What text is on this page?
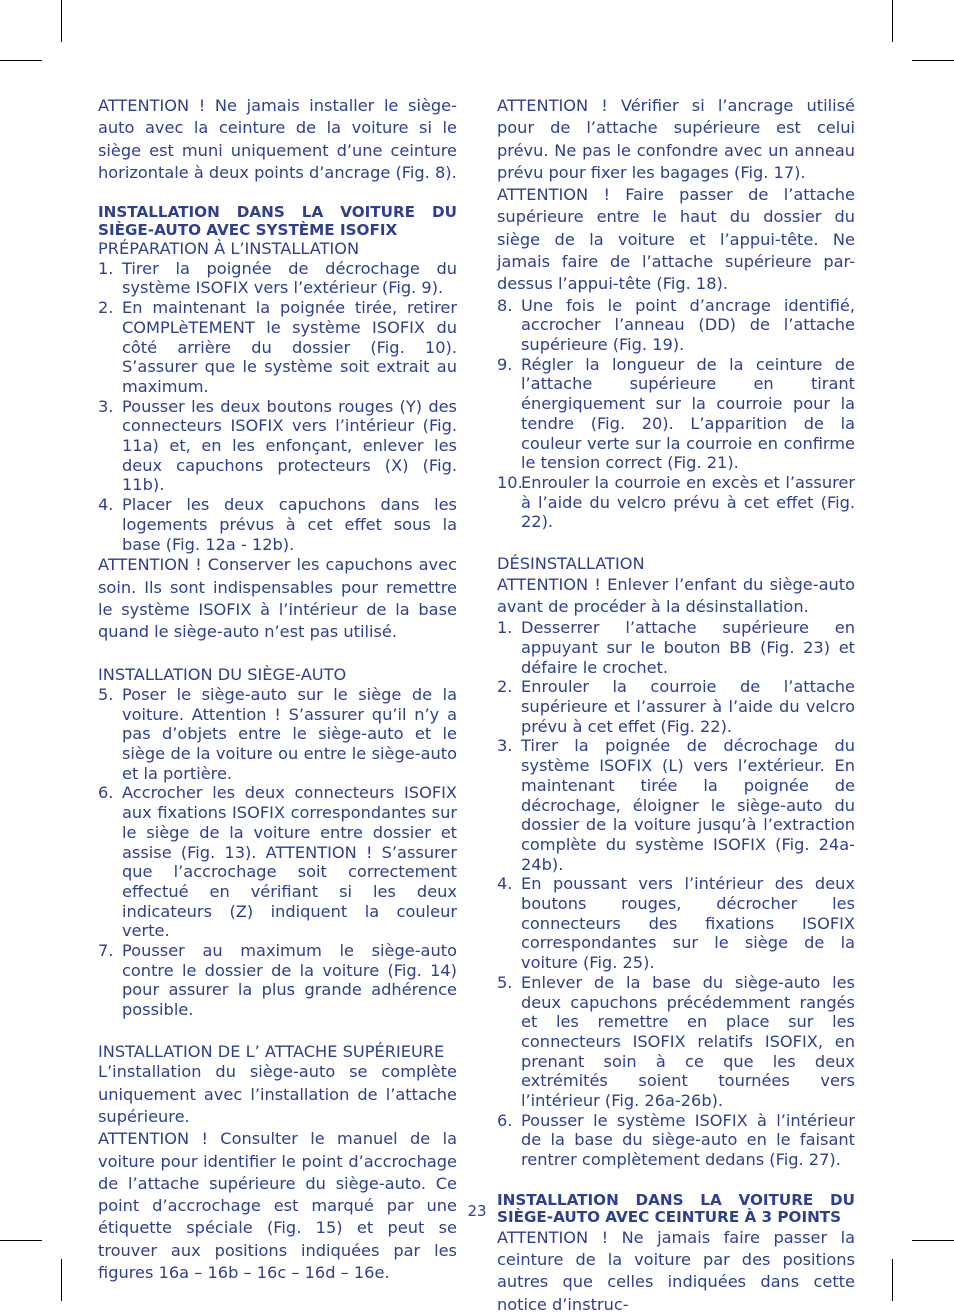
ATTENTION ! Ne jamais installer le siège-auto avec la ceinture de la voiture si le siège est muni uniquement d’une ceinture horizontale à deux points d’ancrage (Fig. 8).

INSTALLATION DANS LA VOITURE DU SIÈGE-AUTO AVEC SYSTÈME ISOFIX

PRÉPARATION À L’INSTALLATION

1. Tirer la poignée de décrochage du système ISOFIX vers l’extérieur (Fig. 9).
2. En maintenant la poignée tirée, retirer COMPLèTEMENT le système ISOFIX du côté arrière du dossier (Fig. 10). S’assurer que le système soit extrait au maximum.
3. Pousser les deux boutons rouges (Y) des connecteurs ISOFIX vers l’intérieur (Fig. 11a) et, en les enfonçant, enlever les deux capuchons protecteurs (X) (Fig. 11b).
4. Placer les deux capuchons dans les logements prévus à cet effet sous la base (Fig. 12a - 12b).

ATTENTION ! Conserver les capuchons avec soin. Ils sont indispensables pour remettre le système ISOFIX à l’intérieur de la base quand le siège-auto n’est pas utilisé.

INSTALLATION DU SIÈGE-AUTO

5. Poser le siège-auto sur le siège de la voiture. Attention ! S’assurer qu’il n’y a pas d’objets entre le siège-auto et le siège de la voiture ou entre le siège-auto et la portière.
6. Accrocher les deux connecteurs ISOFIX aux fixations ISOFIX correspondantes sur le siège de la voiture entre dossier et assise (Fig. 13). ATTENTION ! S’assurer que l’accrochage soit correctement effectué en vérifiant si les deux indicateurs (Z) indiquent la couleur verte.
7. Pousser au maximum le siège-auto contre le dossier de la voiture (Fig. 14) pour assurer la plus grande adhérence possible.

INSTALLATION DE L’ ATTACHE SUPÉRIEURE

L’installation du siège-auto se complète uniquement avec l’installation de l’attache supérieure.

ATTENTION ! Consulter le manuel de la voiture pour identifier le point d’accrochage de l’attache supérieure du siège-auto. Ce point d’accrochage est marqué par une étiquette spéciale (Fig. 15) et peut se trouver aux positions indiquées par les figures 16a – 16b – 16c – 16d – 16e.

ATTENTION ! Vérifier si l’ancrage utilisé pour de l’attache supérieure est celui prévu. Ne pas le confondre avec un anneau prévu pour fixer les bagages (Fig. 17).

ATTENTION ! Faire passer de l’attache supérieure entre le haut du dossier du siège de la voiture et l’appui-tête. Ne jamais faire de l’attache supérieure par-dessus l’appui-tête (Fig. 18).

8. Une fois le point d’ancrage identifié, accrocher l’anneau (DD) de l’attache supérieure (Fig. 19).
9. Régler la longueur de la ceinture de l’attache supérieure en tirant énergiquement sur la courroie pour la tendre (Fig. 20). L’apparition de la couleur verte sur la courroie en confirme le tension correct (Fig. 21).
10.
Enrouler la courroie en excès et l’assurer à l’aide du velcro prévu à cet effet (Fig. 22).

DÉSINSTALLATION

ATTENTION ! Enlever l’enfant du siège-auto avant de procéder à la désinstallation.

1. Desserrer l’attache supérieure en appuyant sur le bouton BB (Fig. 23) et défaire le crochet.
2. Enrouler la courroie de l’attache supérieure et l’assurer à l’aide du velcro prévu à cet effet (Fig. 22).
3. Tirer la poignée de décrochage du système ISOFIX (L) vers l’extérieur. En maintenant tirée la poignée de décrochage, éloigner le siège-auto du dossier de la voiture jusqu’à l’extraction complète du système ISOFIX (Fig. 24a-24b).
4. En poussant vers l’intérieur des deux boutons rouges, décrocher les connecteurs des fixations ISOFIX correspondantes sur le siège de la voiture (Fig. 25).
5. Enlever de la base du siège-auto les deux capuchons précédemment rangés et les remettre en place sur les connecteurs ISOFIX relatifs ISOFIX, en prenant soin à ce que les deux extrémités soient tournées vers l’intérieur (Fig. 26a-26b).
6. Pousser le système ISOFIX à l’intérieur de la base du siège-auto en le faisant rentrer complètement dedans (Fig. 27).

INSTALLATION DANS LA VOITURE DU SIÈGE-AUTO AVEC CEINTURE À 3 POINTS

ATTENTION ! Ne jamais faire passer la ceinture de la voiture par des positions autres que celles indiquées dans cette notice d’instruc-

23
